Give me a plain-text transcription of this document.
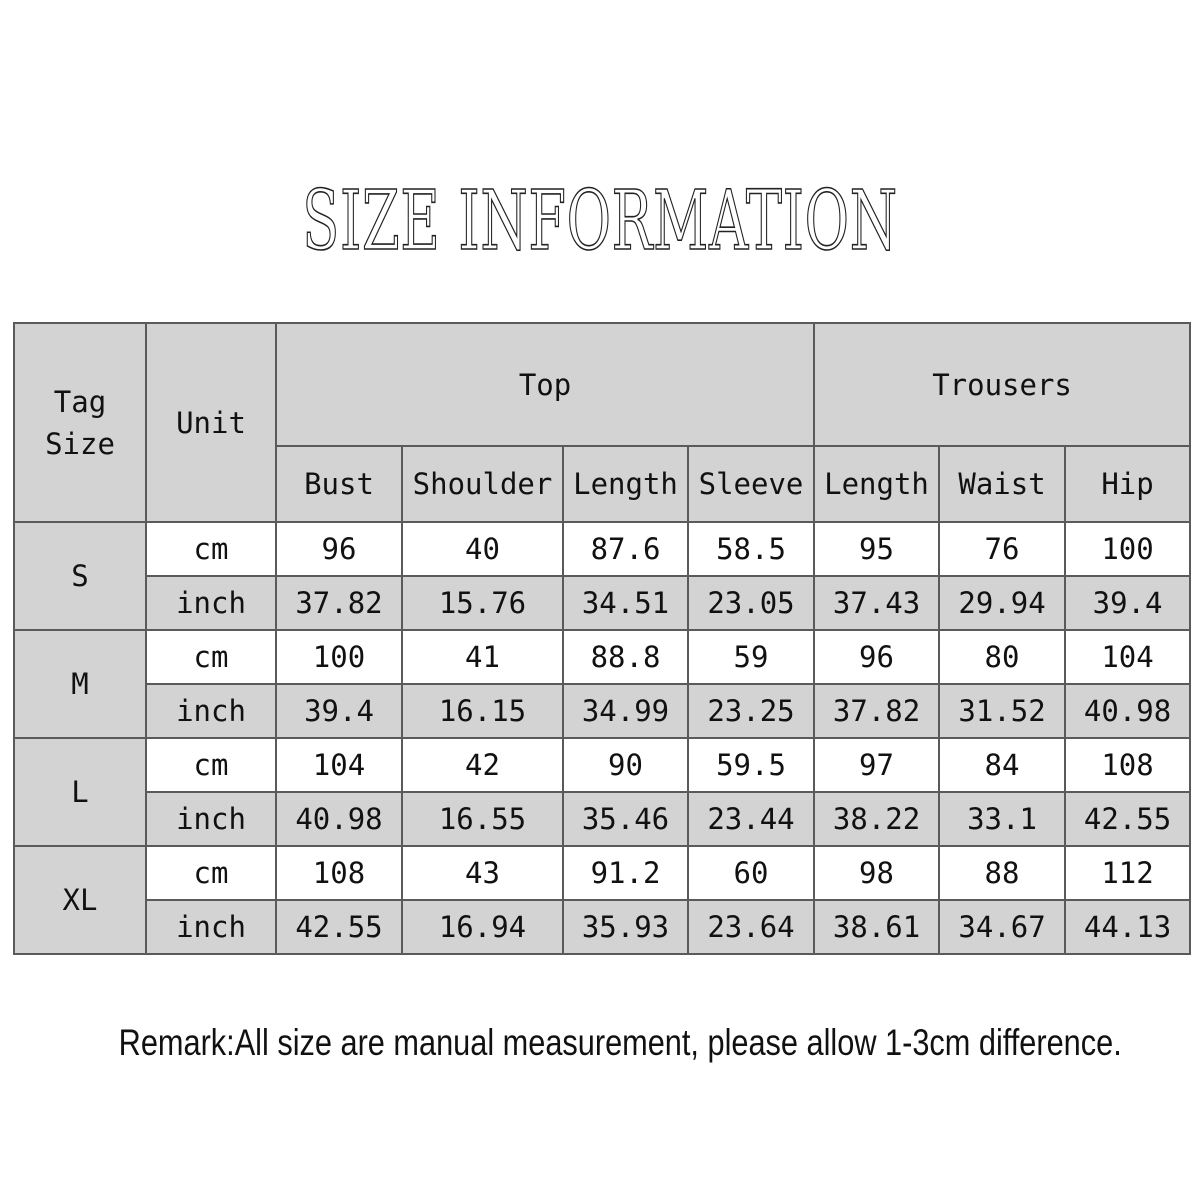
SIZE INFORMATION
Tag
Size	Unit	Top				Trousers		
		Bust	Shoulder	Length	Sleeve	Length	Waist	Hip
S	cm	96	40	87.6	58.5	95	76	100
	inch	37.82	15.76	34.51	23.05	37.43	29.94	39.4
M	cm	100	41	88.8	59	96	80	104
	inch	39.4	16.15	34.99	23.25	37.82	31.52	40.98
L	cm	104	42	90	59.5	97	84	108
	inch	40.98	16.55	35.46	23.44	38.22	33.1	42.55
XL	cm	108	43	91.2	60	98	88	112
	inch	42.55	16.94	35.93	23.64	38.61	34.67	44.13
Remark:All size are manual measurement, please allow 1-3cm difference.
